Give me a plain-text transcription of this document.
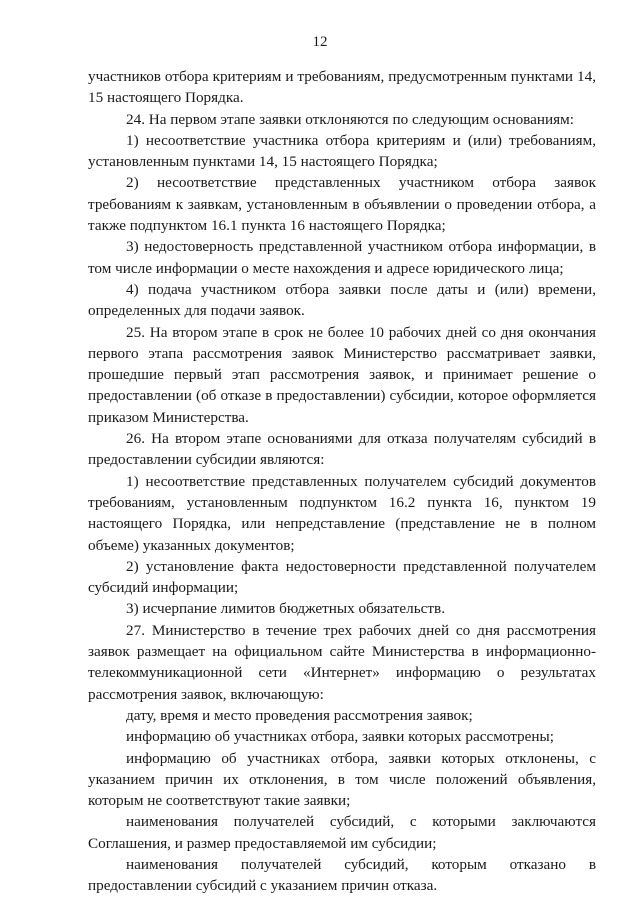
12

участников отбора критериям и требованиям, предусмотренным пунктами 14, 15 настоящего Порядка.

24. На первом этапе заявки отклоняются по следующим основаниям:

1) несоответствие участника отбора критериям и (или) требованиям, установленным пунктами 14, 15 настоящего Порядка;

2) несоответствие представленных участником отбора заявок требованиям к заявкам, установленным в объявлении о проведении отбора, а также подпунктом 16.1 пункта 16 настоящего Порядка;

3) недостоверность представленной участником отбора информации, в том числе информации о месте нахождения и адресе юридического лица;

4) подача участником отбора заявки после даты и (или) времени, определенных для подачи заявок.

25. На втором этапе в срок не более 10 рабочих дней со дня окончания первого этапа рассмотрения заявок Министерство рассматривает заявки, прошедшие первый этап рассмотрения заявок, и принимает решение о предоставлении (об отказе в предоставлении) субсидии, которое оформляется приказом Министерства.

26. На втором этапе основаниями для отказа получателям субсидий в предоставлении субсидии являются:

1) несоответствие представленных получателем субсидий документов требованиям, установленным подпунктом 16.2 пункта 16, пунктом 19 настоящего Порядка, или непредставление (представление не в полном объеме) указанных документов;

2) установление факта недостоверности представленной получателем субсидий информации;

3) исчерпание лимитов бюджетных обязательств.

27. Министерство в течение трех рабочих дней со дня рассмотрения заявок размещает на официальном сайте Министерства в информационно-телекоммуникационной сети «Интернет» информацию о результатах рассмотрения заявок, включающую:

дату, время и место проведения рассмотрения заявок;

информацию об участниках отбора, заявки которых рассмотрены;

информацию об участниках отбора, заявки которых отклонены, с указанием причин их отклонения, в том числе положений объявления, которым не соответствуют такие заявки;

наименования получателей субсидий, с которыми заключаются Соглашения, и размер предоставляемой им субсидии;

наименования получателей субсидий, которым отказано в предоставлении субсидий с указанием причин отказа.
